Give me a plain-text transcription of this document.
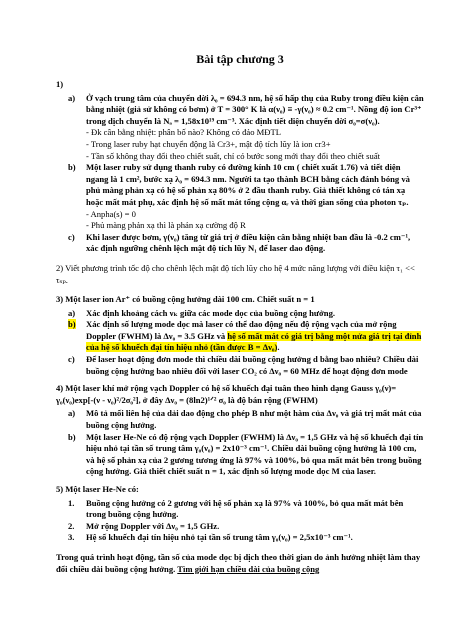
Bài tập chương 3
1)
a)	Ở vạch trung tâm của chuyển dời λ₀ = 694.3 nm, hệ số hấp thụ của Ruby trong điều kiện cân bằng nhiệt (giả sử không có bơm) ở T = 300° K là α(ν₀) ≡ -γ(ν₀) ≈ 0.2 cm⁻¹. Nồng độ ion Cr³⁺ trong dịch chuyển là Nₐ = 1,58x10¹⁹ cm⁻³. Xác định tiết diện chuyển dời σ₀=σ(ν₀).
- Đk cân bằng nhiệt: phân bố nào? Không có đảo MĐTL
- Trong laser ruby hạt chuyển động là Cr3+, mật độ tích lũy là ion cr3+
- Tần số không thay đổi theo chiết suất, chỉ có bước song mới thay đổi theo chiết suất
b)	Một laser ruby sử dụng thanh ruby có đường kính 10 cm ( chiết xuất 1.76) và tiết diện ngang là 1 cm², bước xạ λ₀ = 694.3 nm. Người ta tạo thành BCH bằng cách đánh bóng và phủ màng phản xạ có hệ số phản xạ 80% ở 2 đầu thanh ruby. Giả thiết không có tán xạ hoặc mất mát phụ, xác định hệ số mất mát tổng cộng αᵣ và thời gian sống của photon τₚ.
- Anpha(s) = 0
- Phủ màng phản xạ thì là phản xạ cường độ R
c)	Khi laser được bơm, γ(ν₀) tăng từ giá trị ở điều kiện cân bằng nhiệt ban đầu là -0.2 cm⁻¹, xác định ngưỡng chênh lệch mật độ tích lũy N₁ để laser dao động.
2) Viết phương trình tốc độ cho chênh lệch mật độ tích lũy cho hệ 4 mức năng lượng với điều kiện τ₁ << τₛₚ.
3) Một laser ion Ar⁺ có buồng cộng hưởng dài 100 cm. Chiết suất n = 1
a)	Xác định khoảng cách νₖ giữa các mode dọc của buồng cộng hưởng.
b)	Xác định số lượng mode dọc mà laser có thể dao động nếu độ rộng vạch của mở rộng Doppler (FWHM) là Δν₀ = 3.5 GHz và hệ số mất mát có giá trị bằng một nửa giá trị tại đỉnh của hệ số khuếch đại tín hiệu nhỏ (tần được B = Δν₀).
c)	Để laser hoạt động đơn mode thì chiều dài buồng cộng hưởng d bằng bao nhiêu? Chiều dài buồng cộng hưởng bao nhiêu đối với laser CO₂ có Δν₀ = 60 MHz để hoạt động đơn mode
4) Một laser khí mở rộng vạch Doppler có hệ số khuếch đại tuân theo hình dạng Gauss γ₀(ν)= γ₀(ν₀)exp[-(ν - ν₀)²/2σ₀²], ở đây Δν₀ = (8ln2)¹ᐟ² σ₀ là độ bán rộng (FWHM)
a)	Mô tả mối liên hệ của dải dao động cho phép B như một hàm của Δν₀ và giá trị mất mát của buồng cộng hưởng.
b)	Một laser He-Ne có độ rộng vạch Doppler (FWHM) là Δν₀ = 1,5 GHz và hệ số khuếch đại tín hiệu nhỏ tại tần số trung tâm γ₀(ν₀) = 2x10⁻³ cm⁻¹. Chiều dài buồng cộng hưởng là 100 cm, và hệ số phản xạ của 2 gương tương ứng là 97% và 100%, bỏ qua mất mát bên trong buồng cộng hưởng. Giả thiết chiết suất n = 1, xác định số lượng mode dọc M của laser.
5) Một laser He-Ne có:
1.	Buồng cộng hưởng có 2 gương với hệ số phản xạ là 97% và 100%, bỏ qua mất mát bên trong buồng cộng hưởng.
2.	Mở rộng Doppler với Δν₀ = 1,5 GHz.
3.	Hệ số khuếch đại tín hiệu nhỏ tại tần số trung tâm γ₀(ν₀) = 2,5x10⁻³ cm⁻¹.
Trong quá trình hoạt động, tần số của mode dọc bị dịch theo thời gian do ảnh hưởng nhiệt làm thay đổi chiều dài buồng cộng hưởng. Tìm giới hạn chiều dài của buồng cộng
